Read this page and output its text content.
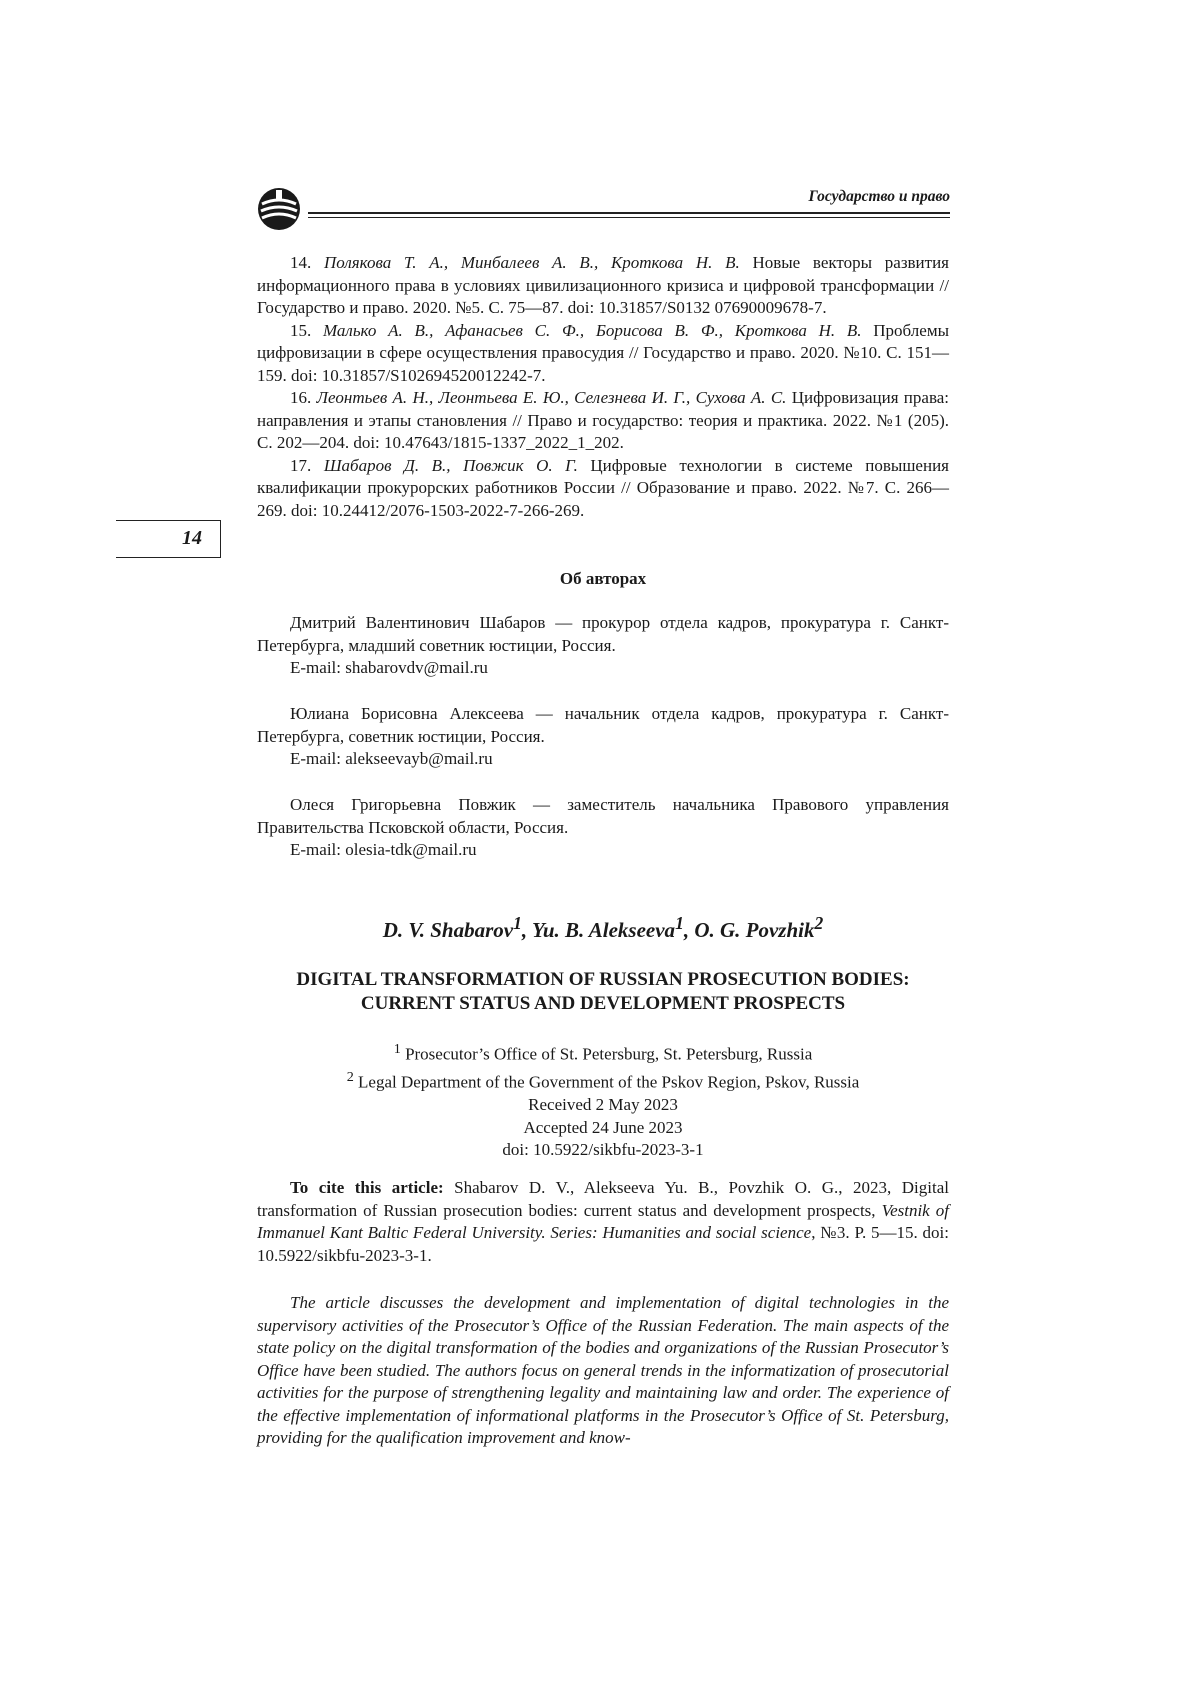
Государство и право
14

14. Полякова Т. А., Минбалеев А. В., Кроткова Н. В. Новые векторы развития информационного права в условиях цивилизационного кризиса и цифровой трансформации // Государство и право. 2020. №5. С. 75—87. doi: 10.31857/S0132 07690009678-7.

15. Малько А. В., Афанасьев С. Ф., Борисова В. Ф., Кроткова Н. В. Проблемы цифровизации в сфере осуществления правосудия // Государство и право. 2020. №10. С. 151—159. doi: 10.31857/S102694520012242-7.

16. Леонтьев А. Н., Леонтьева Е. Ю., Селезнева И. Г., Сухова А. С. Цифровизация права: направления и этапы становления // Право и государство: теория и практика. 2022. №1 (205). С. 202—204. doi: 10.47643/1815-1337_2022_1_202.

17. Шабаров Д. В., Повжик О. Г. Цифровые технологии в системе повышения квалификации прокурорских работников России // Образование и право. 2022. №7. С. 266—269. doi: 10.24412/2076-1503-2022-7-266-269.

Об авторах

Дмитрий Валентинович Шабаров — прокурор отдела кадров, прокуратура г. Санкт-Петербурга, младший советник юстиции, Россия.

E-mail: shabarovdv@mail.ru

Юлиана Борисовна Алексеева — начальник отдела кадров, прокуратура г. Санкт-Петербурга, советник юстиции, Россия.

E-mail: alekseevayb@mail.ru

Олеся Григорьевна Повжик — заместитель начальника Правового управления Правительства Псковской области, Россия.

E-mail: olesia-tdk@mail.ru

D. V. Shabarov$^1$, Yu. B. Alekseeva$^1$, O. G. Povzhik$^2$
DIGITAL TRANSFORMATION OF RUSSIAN PROSECUTION BODIES:
CURRENT STATUS AND DEVELOPMENT PROSPECTS
$^1$ Prosecutor’s Office of St. Petersburg, St. Petersburg, Russia
$^2$ Legal Department of the Government of the Pskov Region, Pskov, Russia
Received 2 May 2023
Accepted 24 June 2023
doi: 10.5922/sikbfu-2023-3-1

To cite this article: Shabarov D. V., Alekseeva Yu. B., Povzhik O. G., 2023, Digital transformation of Russian prosecution bodies: current status and development prospects, Vestnik of Immanuel Kant Baltic Federal University. Series: Humanities and social science, №3. P. 5—15. doi: 10.5922/sikbfu-2023-3-1.

The article discusses the development and implementation of digital technologies in the supervisory activities of the Prosecutor’s Office of the Russian Federation. The main aspects of the state policy on the digital transformation of the bodies and organizations of the Russian Prosecutor’s Office have been studied. The authors focus on general trends in the informatization of prosecutorial activities for the purpose of strengthening legality and maintaining law and order. The experience of the effective implementation of informational platforms in the Prosecutor’s Office of St. Petersburg, providing for the qualification improvement and know-
